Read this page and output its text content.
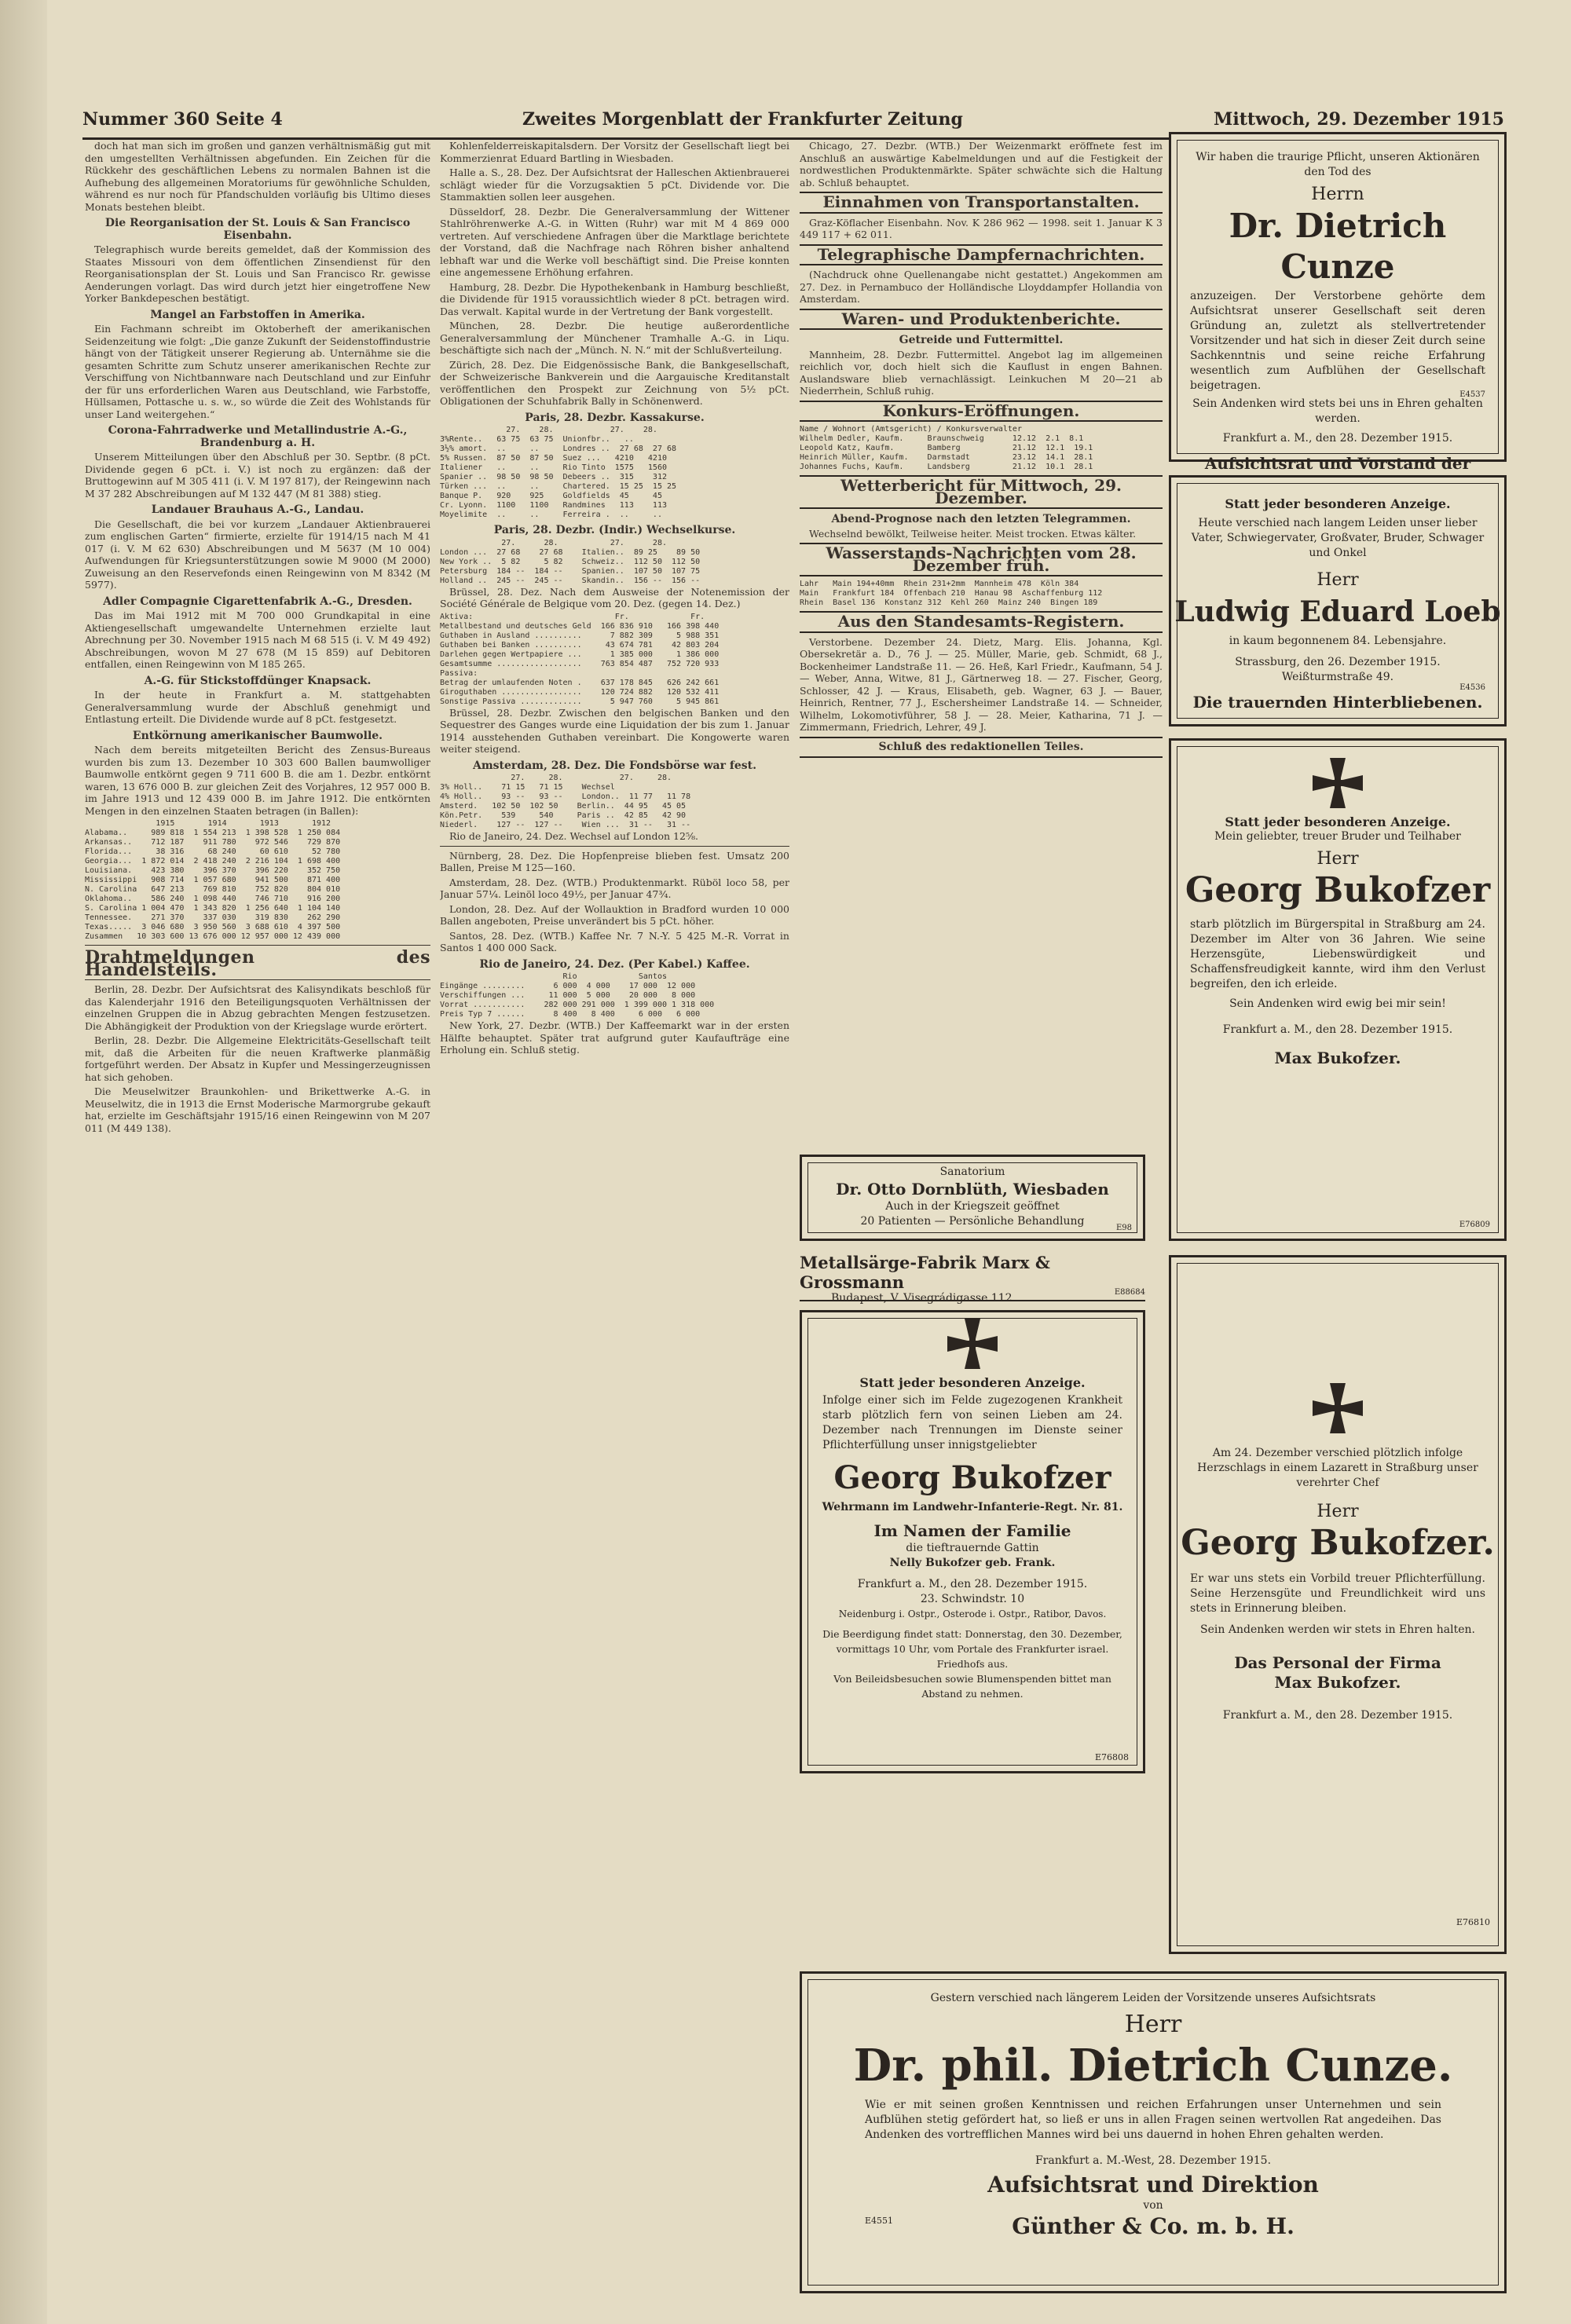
Nummer 360 Seite 4	Zweites Morgenblatt der Frankfurter Zeitung	Mittwoch, 29. Dezember 1915

doch hat man sich im großen und ganzen verhältnismäßig gut mit den umgestellten Verhältnissen abgefunden. Ein Zeichen für die Rückkehr des geschäftlichen Lebens zu normalen Bahnen ist die Aufhebung des allgemeinen Moratoriums für gewöhnliche Schulden, während es nur noch für Pfandschulden vorläufig bis Ultimo dieses Monats bestehen bleibt.

Die Reorganisation der St. Louis & San Francisco Eisenbahn.

Telegraphisch wurde bereits gemeldet, daß der Kommission des Staates Missouri von dem öffentlichen Zinsendienst für den Reorganisationsplan der St. Louis und San Francisco Rr. gewisse Aenderungen vorlagt. Das wird durch jetzt hier eingetroffene New Yorker Bankdepeschen bestätigt.

Mangel an Farbstoffen in Amerika.

Ein Fachmann schreibt im Oktoberheft der amerikanischen Seidenzeitung wie folgt: „Die ganze Zukunft der Seidenstoffindustrie hängt von der Tätigkeit unserer Regierung ab. Unternähme sie die gesamten Schritte zum Schutz unserer amerikanischen Rechte zur Verschiffung von Nichtbannware nach Deutschland und zur Einfuhr der für uns erforderlichen Waren aus Deutschland, wie Farbstoffe, Hüllsamen, Pottasche u. s. w., so würde die Zeit des Wohlstands für unser Land weitergehen.“

Corona-Fahrradwerke und Metallindustrie A.-G., Brandenburg a. H.

Unserem Mitteilungen über den Abschluß per 30. Septbr. (8 pCt. Dividende gegen 6 pCt. i. V.) ist noch zu ergänzen: daß der Bruttogewinn auf M 305 411 (i. V. M 197 817), der Reingewinn nach M 37 282 Abschreibungen auf M 132 447 (M 81 388) stieg.

Landauer Brauhaus A.-G., Landau.

Die Gesellschaft, die bei vor kurzem „Landauer Aktienbrauerei zum englischen Garten“ firmierte, erzielte für 1914/15 nach M 41 017 (i. V. M 62 630) Abschreibungen und M 5637 (M 10 004) Aufwendungen für Kriegsunterstützungen sowie M 9000 (M 2000) Zuweisung an den Reservefonds einen Reingewinn von M 8342 (M 5977).

Adler Compagnie Cigarettenfabrik A.-G., Dresden.

Das im Mai 1912 mit M 700 000 Grundkapital in eine Aktiengesellschaft umgewandelte Unternehmen erzielte laut Abrechnung per 30. November 1915 nach M 68 515 (i. V. M 49 492) Abschreibungen, wovon M 27 678 (M 15 859) auf Debitoren entfallen, einen Reingewinn von M 185 265.

A.-G. für Stickstoffdünger Knapsack.

In der heute in Frankfurt a. M. stattgehabten Generalversammlung wurde der Abschluß genehmigt und Entlastung erteilt. Die Dividende wurde auf 8 pCt. festgesetzt.

Entkörnung amerikanischer Baumwolle.

Nach dem bereits mitgeteilten Bericht des Zensus-Bureaus wurden bis zum 13. Dezember 10 303 600 Ballen baumwolliger Baumwolle entkörnt gegen 9 711 600 B. die am 1. Dezbr. entkörnt waren, 13 676 000 B. zur gleichen Zeit des Vorjahres, 12 957 000 B. im Jahre 1913 und 12 439 000 B. im Jahre 1912. Die entkörnten Mengen in den einzelnen Staaten betragen (in Ballen):

1915       1914       1913       1912
Alabama..     989 818  1 554 213  1 398 528  1 250 084
Arkansas..    712 187    911 780    972 546    729 870
Florida...     38 316     68 240     60 610     52 780
Georgia...  1 872 014  2 418 240  2 216 104  1 698 400
Louisiana.    423 380    396 370    396 220    352 750
Mississippi   908 714  1 057 680    941 500    871 400
N. Carolina   647 213    769 810    752 820    804 010
Oklahoma..    586 240  1 098 440    746 710    916 200
S. Carolina 1 004 470  1 343 820  1 256 640  1 104 140
Tennessee.    271 370    337 030    319 830    262 290
Texas.....  3 046 680  3 950 560  3 688 610  4 397 500
Zusammen   10 303 600 13 676 000 12 957 000 12 439 000
Drahtmeldungen des Handelsteils.

Berlin, 28. Dezbr. Der Aufsichtsrat des Kalisyndikats beschloß für das Kalenderjahr 1916 den Beteiligungsquoten Verhältnissen der einzelnen Gruppen die in Abzug gebrachten Mengen festzusetzen. Die Abhängigkeit der Produktion von der Kriegslage wurde erörtert.

Berlin, 28. Dezbr. Die Allgemeine Elektricitäts-Gesellschaft teilt mit, daß die Arbeiten für die neuen Kraftwerke planmäßig fortgeführt werden. Der Absatz in Kupfer und Messingerzeugnissen hat sich gehoben.

Die Meuselwitzer Braunkohlen- und Brikettwerke A.-G. in Meuselwitz, die in 1913 die Ernst Moderische Marmorgrube gekauft hat, erzielte im Geschäftsjahr 1915/16 einen Reingewinn von M 207 011 (M 449 138).

Kohlenfelderreiskapitalsdern. Der Vorsitz der Gesellschaft liegt bei Kommerzienrat Eduard Bartling in Wiesbaden.

Halle a. S., 28. Dez. Der Aufsichtsrat der Halleschen Aktienbrauerei schlägt wieder für die Vorzugsaktien 5 pCt. Dividende vor. Die Stammaktien sollen leer ausgehen.

Düsseldorf, 28. Dezbr. Die Generalversammlung der Wittener Stahlröhrenwerke A.-G. in Witten (Ruhr) war mit M 4 869 000 vertreten. Auf verschiedene Anfragen über die Marktlage berichtete der Vorstand, daß die Nachfrage nach Röhren bisher anhaltend lebhaft war und die Werke voll beschäftigt sind. Die Preise konnten eine angemessene Erhöhung erfahren.

Hamburg, 28. Dezbr. Die Hypothekenbank in Hamburg beschließt, die Dividende für 1915 voraussichtlich wieder 8 pCt. betragen wird. Das verwalt. Kapital wurde in der Vertretung der Bank vorgestellt.

München, 28. Dezbr. Die heutige außerordentliche Generalversammlung der Münchener Tramhalle A.-G. in Liqu. beschäftigte sich nach der „Münch. N. N.“ mit der Schlußverteilung.

Zürich, 28. Dez. Die Eidgenössische Bank, die Bankgesellschaft, der Schweizerische Bankverein und die Aargauische Kreditanstalt veröffentlichen den Prospekt zur Zeichnung von 5½ pCt. Obligationen der Schuhfabrik Bally in Schönenwerd.

Paris, 28. Dezbr. Kassakurse.
27.    28.            27.    28.
3%Rente..   63 75  63 75  Unionfbr..   ..
3½% amort.  ..     ..     Londres ..  27 68  27 68
5% Russen.  87 50  87 50  Suez ...   4210   4210
Italiener   ..     ..     Rio Tinto  1575   1560
Spanier ..  98 50  98 50  Debeers ..  315    312
Türken ...  ..     ..     Chartered.  15 25  15 25
Banque P.   920    925    Goldfields  45     45
Cr. Lyonn.  1100   1100   Randmines   113    113
Moyelimite  ..     ..     Ferreira .  ..     ..
Paris, 28. Dezbr. (Indir.) Wechselkurse.
27.      28.           27.      28.
London ...  27 68    27 68    Italien..  89 25    89 50
New York ..  5 82     5 82    Schweiz..  112 50  112 50
Petersburg  184 --  184 --    Spanien..  107 50  107 75
Holland ..  245 --  245 --    Skandin..  156 --  156 --

Brüssel, 28. Dez. Nach dem Ausweise der Notenemission der Société Générale de Belgique vom 20. Dez. (gegen 14. Dez.)

Aktiva:                              Fr.             Fr.
Metallbestand und deutsches Geld  166 836 910   166 398 440
Guthaben in Ausland ..........      7 882 309     5 988 351
Guthaben bei Banken ..........     43 674 781    42 803 204
Darlehen gegen Wertpapiere ...      1 385 000     1 386 000
Gesamtsumme ..................    763 854 487   752 720 933
Passiva:
Betrag der umlaufenden Noten .    637 178 845   626 242 661
Giroguthaben .................    120 724 882   120 532 411
Sonstige Passiva .............      5 947 760     5 945 861

Brüssel, 28. Dezbr. Zwischen den belgischen Banken und den Sequestrer des Ganges wurde eine Liquidation der bis zum 1. Januar 1914 ausstehenden Guthaben vereinbart. Die Kongowerte waren weiter steigend.

Amsterdam, 28. Dez. Die Fondsbörse war fest.
27.     28.            27.     28.
3% Holl..    71 15   71 15    Wechsel
4% Holl..    93 --   93 --    London..  11 77   11 78
Amsterd.   102 50  102 50    Berlin..  44 95   45 05
Kön.Petr.    539     540     Paris ..  42 85   42 90
Niederl.    127 --  127 --    Wien ...  31 --   31 --

Rio de Janeiro, 24. Dez. Wechsel auf London 12⅝.

Nürnberg, 28. Dez. Die Hopfenpreise blieben fest. Umsatz 200 Ballen, Preise M 125—160.

Amsterdam, 28. Dez. (WTB.) Produktenmarkt. Rüböl loco 58, per Januar 57¼. Leinöl loco 49½, per Januar 47¾.

London, 28. Dez. Auf der Wollauktion in Bradford wurden 10 000 Ballen angeboten, Preise unverändert bis 5 pCt. höher.

Santos, 28. Dez. (WTB.) Kaffee Nr. 7 N.-Y. 5 425 M.-R. Vorrat in Santos 1 400 000 Sack.

Rio de Janeiro, 24. Dez. (Per Kabel.) Kaffee.
Rio             Santos
Eingänge .........      6 000  4 000    17 000  12 000
Verschiffungen ...     11 000  5 000    20 000   8 000
Vorrat ...........    282 000 291 000  1 399 000 1 318 000
Preis Typ 7 ......      8 400   8 400     6 000   6 000

New York, 27. Dezbr. (WTB.) Der Kaffeemarkt war in der ersten Hälfte behauptet. Später trat aufgrund guter Kaufaufträge eine Erholung ein. Schluß stetig.

Chicago, 27. Dezbr. (WTB.) Der Weizenmarkt eröffnete fest im Anschluß an auswärtige Kabelmeldungen und auf die Festigkeit der nordwestlichen Produktenmärkte. Später schwächte sich die Haltung ab. Schluß behauptet.

Einnahmen von Transportanstalten.

Graz-Köflacher Eisenbahn. Nov. K 286 962 — 1998. seit 1. Januar K 3 449 117 + 62 011.

Telegraphische Dampfernachrichten.

(Nachdruck ohne Quellenangabe nicht gestattet.) Angekommen am 27. Dez. in Pernambuco der Holländische Lloyddampfer Hollandia von Amsterdam.

Waren- und Produktenberichte.
Getreide und Futtermittel.

Mannheim, 28. Dezbr. Futtermittel. Angebot lag im allgemeinen reichlich vor, doch hielt sich die Kauflust in engen Bahnen. Auslandsware blieb vernachlässigt. Leinkuchen M 20—21 ab Niederrhein, Schluß ruhig.

Konkurs-Eröffnungen.
Name / Wohnort (Amtsgericht) / Konkursverwalter
Wilhelm Dedler, Kaufm.     Braunschweig      12.12  2.1  8.1
Leopold Katz, Kaufm.       Bamberg           21.12  12.1  19.1
Heinrich Müller, Kaufm.    Darmstadt         23.12  14.1  28.1
Johannes Fuchs, Kaufm.     Landsberg         21.12  10.1  28.1
Wetterbericht für Mittwoch, 29. Dezember.
Abend-Prognose nach den letzten Telegrammen.

Wechselnd bewölkt, Teilweise heiter. Meist trocken. Etwas kälter.

Wasserstands-Nachrichten vom 28. Dezember früh.
Lahr   Main 194+40mm  Rhein 231+2mm  Mannheim 478  Köln 384
Main   Frankfurt 184  Offenbach 210  Hanau 98  Aschaffenburg 112
Rhein  Basel 136  Konstanz 312  Kehl 260  Mainz 240  Bingen 189
Aus den Standesamts-Registern.

Verstorbene. Dezember 24. Dietz, Marg. Elis. Johanna, Kgl. Obersekretär a. D., 76 J. — 25. Müller, Marie, geb. Schmidt, 68 J., Bockenheimer Landstraße 11. — 26. Heß, Karl Friedr., Kaufmann, 54 J. — Weber, Anna, Witwe, 81 J., Gärtnerweg 18. — 27. Fischer, Georg, Schlosser, 42 J. — Kraus, Elisabeth, geb. Wagner, 63 J. — Bauer, Heinrich, Rentner, 77 J., Eschersheimer Landstraße 14. — Schneider, Wilhelm, Lokomotivführer, 58 J. — 28. Meier, Katharina, 71 J. — Zimmermann, Friedrich, Lehrer, 49 J.

Schluß des redaktionellen Teiles.
Sanatorium
Dr. Otto Dornblüth, Wiesbaden
Auch in der Kriegszeit geöffnet
20 Patienten — Persönliche Behandlung
E98
Metallsärge-Fabrik Marx & Grossmann
Budapest, V. Visegrádigasse 112.	E88684
Statt jeder besonderen Anzeige.
Infolge einer sich im Felde zugezogenen Krankheit starb plötzlich fern von seinen Lieben am 24. Dezember nach Trennungen im Dienste seiner Pflichterfüllung unser innigstgeliebter
Georg Bukofzer
Wehrmann im Landwehr-Infanterie-Regt. Nr. 81.
Im Namen der Familie
die tieftrauernde Gattin
Nelly Bukofzer geb. Frank.
Frankfurt a. M., den 28. Dezember 1915.
23. Schwindstr. 10
Neidenburg i. Ostpr., Osterode i. Ostpr., Ratibor, Davos.
Die Beerdigung findet statt: Donnerstag, den 30. Dezember, vormittags 10 Uhr, vom Portale des Frankfurter israel. Friedhofs aus.
Von Beileidsbesuchen sowie Blumenspenden bittet man Abstand zu nehmen.
E76808
Wir haben die traurige Pflicht, unseren Aktionären den Tod des
Herrn
Dr. Dietrich Cunze
anzuzeigen. Der Verstorbene gehörte dem Aufsichtsrat unserer Gesellschaft seit deren Gründung an, zuletzt als stellvertretender Vorsitzender und hat sich in dieser Zeit durch seine Sachkenntnis und seine reiche Erfahrung wesentlich zum Aufblühen der Gesellschaft beigetragen.
Sein Andenken wird stets bei uns in Ehren gehalten werden.
Frankfurt a. M., den 28. Dezember 1915.
E4537
Aufsichtsrat und Vorstand der
Statt jeder besonderen Anzeige.
Heute verschied nach langem Leiden unser lieber Vater, Schwiegervater, Großvater, Bruder, Schwager und Onkel
Herr
Ludwig Eduard Loeb
in kaum begonnenem 84. Lebensjahre.
Strassburg, den 26. Dezember 1915.
Weißturmstraße 49.
E4536
Die trauernden Hinterbliebenen.
Statt jeder besonderen Anzeige.
Mein geliebter, treuer Bruder und Teilhaber
Herr
Georg Bukofzer
starb plötzlich im Bürgerspital in Straßburg am 24. Dezember im Alter von 36 Jahren. Wie seine Herzensgüte, Liebenswürdigkeit und Schaffensfreudigkeit kannte, wird ihm den Verlust begreifen, den ich erleide.
Sein Andenken wird ewig bei mir sein!
Frankfurt a. M., den 28. Dezember 1915.
Max Bukofzer.
E76809
Am 24. Dezember verschied plötzlich infolge Herzschlags in einem Lazarett in Straßburg unser verehrter Chef
Herr
Georg Bukofzer.
Er war uns stets ein Vorbild treuer Pflichterfüllung. Seine Herzensgüte und Freundlichkeit wird uns stets in Erinnerung bleiben.
Sein Andenken werden wir stets in Ehren halten.
Das Personal der Firma
Max Bukofzer.
Frankfurt a. M., den 28. Dezember 1915.
E76810
Gestern verschied nach längerem Leiden der Vorsitzende unseres Aufsichtsrats
Herr
Dr. phil. Dietrich Cunze.
Wie er mit seinen großen Kenntnissen und reichen Erfahrungen unser Unternehmen und sein Aufblühen stetig gefördert hat, so ließ er uns in allen Fragen seinen wertvollen Rat angedeihen. Das Andenken des vortrefflichen Mannes wird bei uns dauernd in hohen Ehren gehalten werden.
Frankfurt a. M.-West, 28. Dezember 1915.
E4551
Aufsichtsrat und Direktion
von
Günther & Co. m. b. H.
